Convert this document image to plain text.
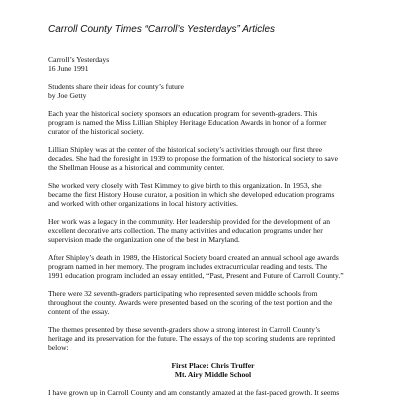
Carroll County Times “Carroll’s Yesterdays” Articles
Carroll’s Yesterdays
16 June 1991
Students share their ideas for county’s future
by Joe Getty
Each year the historical society sponsors an education program for seventh-graders. This
program is named the Miss Lillian Shipley Heritage Education Awards in honor of a former
curator of the historical society.
Lillian Shipley was at the center of the historical society’s activities through our first three
decades. She had the foresight in 1939 to propose the formation of the historical society to save
the Shellman House as a historical and community center.
She worked very closely with Test Kimmey to give birth to this organization. In 1953, she
became the first History House curator, a position in which she developed education programs
and worked with other organizations in local history activities.
Her work was a legacy in the community. Her leadership provided for the development of an
excellent decorative arts collection. The many activities and education programs under her
supervision made the organization one of the best in Maryland.
After Shipley’s death in 1989, the Historical Society board created an annual school age awards
program named in her memory. The program includes extracurricular reading and tests. The
1991 education program included an essay entitled, “Past, Present and Future of Carroll County.”
There were 32 seventh-graders participating who represented seven middle schools from
throughout the county. Awards were presented based on the scoring of the test portion and the
content of the essay.
The themes presented by these seventh-graders show a strong interest in Carroll County’s
heritage and its preservation for the future. The essays of the top scoring students are reprinted
below:
First Place: Chris Truffer
Mt. Airy Middle School
I have grown up in Carroll County and am constantly amazed at the fast-paced growth. It seems
